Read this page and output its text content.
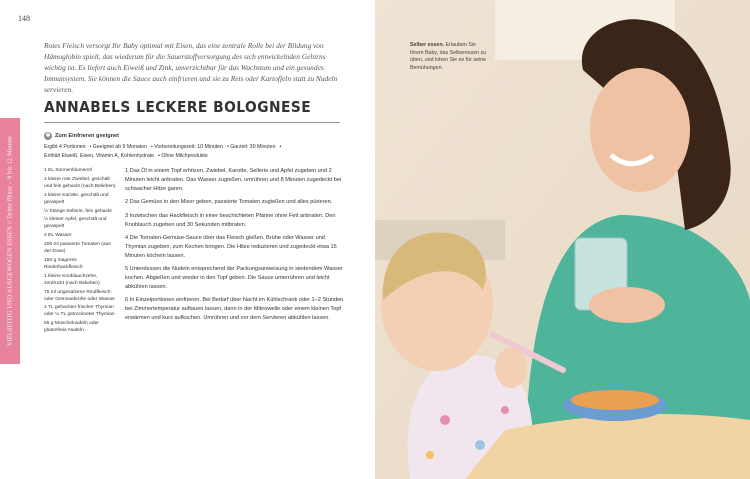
148
VIELSEITIG UND AUSGEWOGEN ESSEN // Dritte Phase – 9 bis 12 Monate

Rotes Fleisch versorgt Ihr Baby optimal mit Eisen, das eine zentrale Rolle bei der Bildung von Hämoglobin spielt, das wiederum für die Sauerstoffversorgung des sich entwickelnden Gehirns wichtig ist. Es liefert auch Eiweiß und Zink, unverzichtbar für das Wachstum und ein gesundes Immunsystem. Sie können die Sauce auch einfrieren und sie zu Reis oder Kartoffeln statt zu Nudeln servieren.

ANNABELS LECKERE BOLOGNESE
✻ Zum Einfrieren geeignet

Ergibt 4 Portionen • Geeignet ab 9 Monaten • Vorbereitungszeit: 10 Minuten • Garzeit: 30 Minuten •
Enthält Eiweiß, Eisen, Vitamin A, Kohlenhydrate • Ohne Milchprodukte

1 EL Sonnenblumenöl
1 kleine rote Zwiebel, geschält und fein gehackt (nach Belieben)
1 kleine Karotte, geschält und geraspelt
½ Stange Sellerie, fein gehackt
½ kleiner Apfel, geschält und geraspelt
4 EL Wasser
200 ml passierte Tomaten (aus der Dose)
150 g mageres Rinderhackfleisch
1 kleine Knoblauchzehe, zerdrückt (nach Belieben)
75 ml ungesalzene Rindfleisch- oder Gemüsebrühe oder Wasser
1 TL gehackter frischer Thymian oder ¼ TL getrockneter Thymian
55 g Muschelnudeln oder glutenfreie Nudeln
1 Das Öl in einem Topf erhitzen. Zwiebel, Karotte, Sellerie und Apfel zugeben und 2 Minuten leicht anbraten. Das Wasser zugießen, umrühren und 8 Minuten zugedeckt bei schwacher Hitze garen.
2 Das Gemüse in den Mixer geben, passierte Tomaten zugießen und alles pürieren.
3 Inzwischen das Hackfleisch in einer beschichteten Pfanne ohne Fett anbraten. Den Knoblauch zugeben und 30 Sekunden mitbraten.
4 Die Tomaten-Gemüse-Sauce über das Fleisch gießen. Brühe oder Wasser und Thymian zugeben, zum Kochen bringen. Die Hitze reduzieren und zugedeckt etwa 15 Minuten köcheln lassen.
5 Unterdessen die Nudeln entsprechend der Packungsanweisung in siedendem Wasser kochen. Abgießen und wieder in den Topf geben. Die Sauce unterrühren und leicht abkühlen lassen.
6 In Einzelportionen einfrieren. Bei Bedarf über Nacht im Kühlschrank oder 1–2 Stunden bei Zimmertemperatur auftauen lassen, dann in der Mikrowelle oder einem kleinen Topf erwärmen und kurz aufkochen. Umrühren und vor dem Servieren abkühlen lassen.
Selber essen. Erlauben Sie Ihrem Baby, das Selberessen zu üben, und loben Sie es für seine Bemühungen.
